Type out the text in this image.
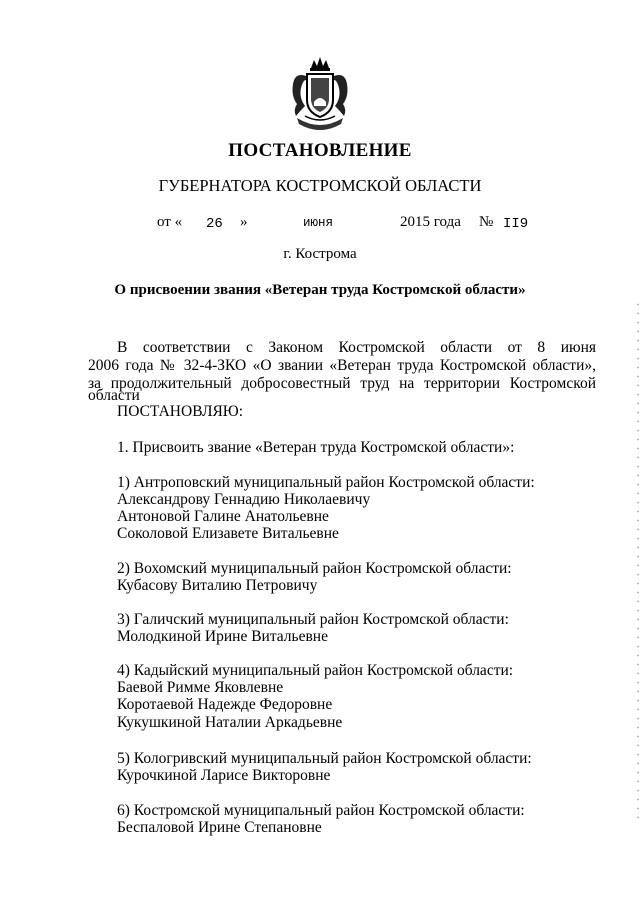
ПОСТАНОВЛЕНИЕ
ГУБЕРНАТОРА КОСТРОМСКОЙ ОБЛАСТИ
от « 26 »	июня	2015 года № II9
г. Кострома
О присвоении звания «Ветеран труда Костромской области»
В соответствии с Законом Костромской области от 8 июня
2006 года № 32-4-ЗКО «О звании «Ветеран труда Костромской области»,
за продолжительный добросовестный труд на территории Костромской
области
ПОСТАНОВЛЯЮ:
1. Присвоить звание «Ветеран труда Костромской области»:
1) Антроповский муниципальный район Костромской области:
Александрову Геннадию Николаевичу
Антоновой Галине Анатольевне
Соколовой Елизавете Витальевне
2) Вохомский муниципальный район Костромской области:
Кубасову Виталию Петровичу
3) Галичский муниципальный район Костромской области:
Молодкиной Ирине Витальевне
4) Кадыйский муниципальный район Костромской области:
Баевой Римме Яковлевне
Коротаевой Надежде Федоровне
Кукушкиной Наталии Аркадьевне
5) Кологривский муниципальный район Костромской области:
Курочкиной Ларисе Викторовне
6) Костромской муниципальный район Костромской области:
Беспаловой Ирине Степановне
